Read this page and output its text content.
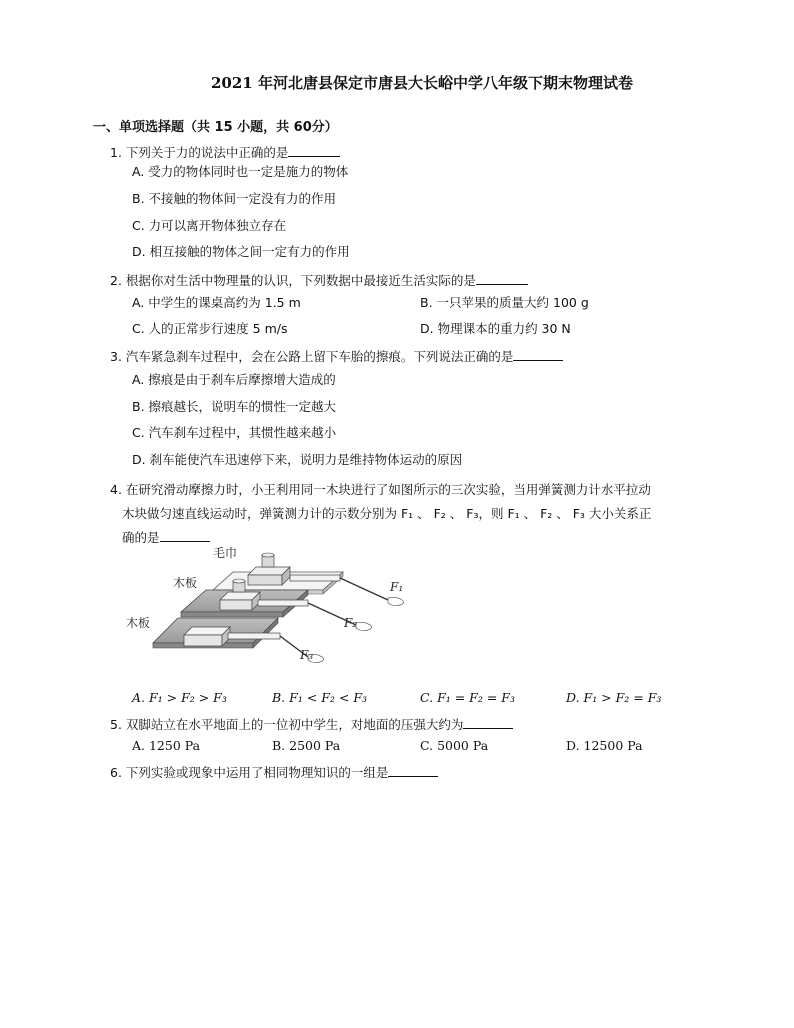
2021 年河北唐县保定市唐县大长峪中学八年级下期末物理试卷
一、单项选择题（共 15 小题，共 60分）
1. 下列关于力的说法中正确的是
A. 受力的物体同时也一定是施力的物体
B. 不接触的物体间一定没有力的作用
C. 力可以离开物体独立存在
D. 相互接触的物体之间一定有力的作用
2. 根据你对生活中物理量的认识，下列数据中最接近生活实际的是
A. 中学生的课桌高约为 1.5 m	B. 一只苹果的质量大约 100 g
C. 人的正常步行速度 5 m/s	D. 物理课本的重力约 30 N
3. 汽车紧急刹车过程中，会在公路上留下车胎的擦痕。下列说法正确的是
A. 擦痕是由于刹车后摩擦增大造成的
B. 擦痕越长，说明车的惯性一定越大
C. 汽车刹车过程中，其惯性越来越小
D. 刹车能使汽车迅速停下来，说明力是维持物体运动的原因
4. 在研究滑动摩擦力时，小王利用同一木块进行了如图所示的三次实验，当用弹簧测力计水平拉动
木块做匀速直线运动时，弹簧测力计的示数分别为 F₁ 、 F₂ 、 F₃，则 F₁ 、 F₂ 、 F₃ 大小关系正
确的是
毛巾
F₁
木板
F₂
木板
F₃
A. F₁ > F₂ > F₃	B. F₁ < F₂ < F₃	C. F₁ = F₂ = F₃	D. F₁ > F₂ = F₃
5. 双脚站立在水平地面上的一位初中学生，对地面的压强大约为
A. 1250 Pa	B. 2500 Pa	C. 5000 Pa	D. 12500 Pa
6. 下列实验或现象中运用了相同物理知识的一组是
